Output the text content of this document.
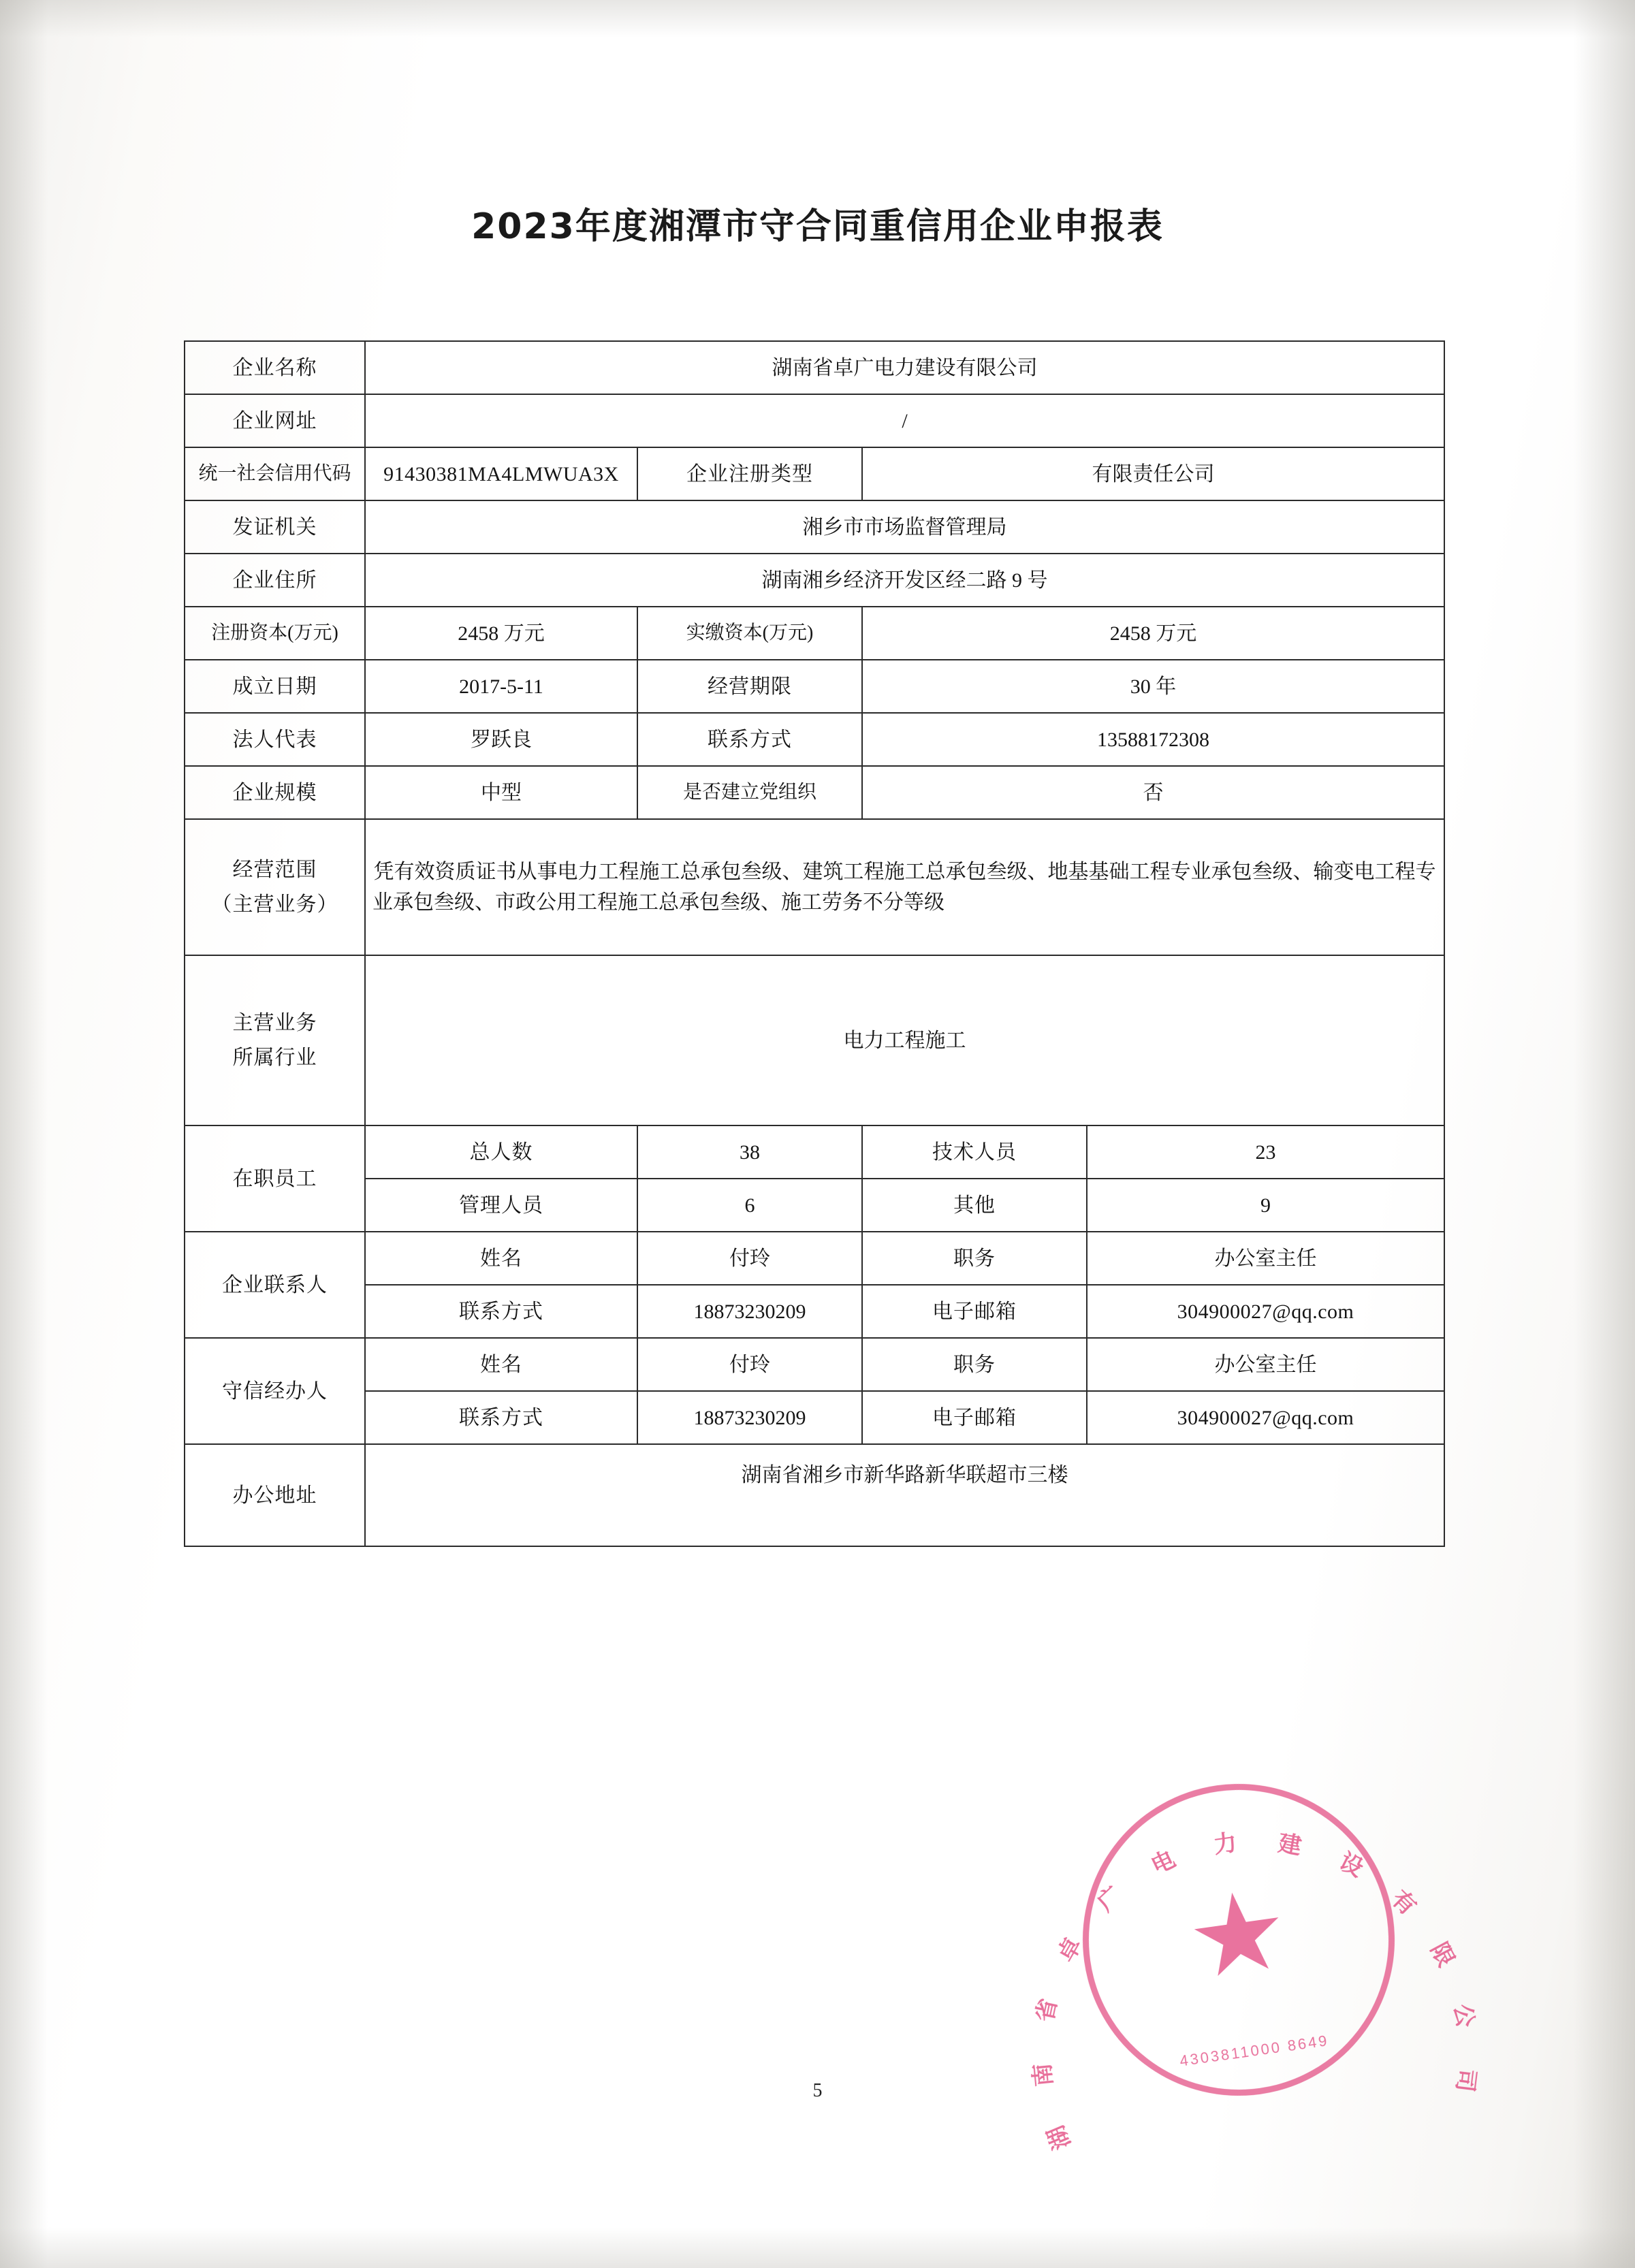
2023年度湘潭市守合同重信用企业申报表
企业名称	湖南省卓广电力建设有限公司			
企业网址	/			
统一社会信用代码	91430381MA4LMWUA3X	企业注册类型	有限责任公司	
发证机关	湘乡市市场监督管理局			
企业住所	湖南湘乡经济开发区经二路 9 号			
注册资本(万元)	2458 万元	实缴资本(万元)	2458 万元	
成立日期	2017-5-11	经营期限	30 年	
法人代表	罗跃良	联系方式	13588172308	
企业规模	中型	是否建立党组织	否	

经营范围
（主营业务）	凭有效资质证书从事电力工程施工总承包叁级、建筑工程施工总承包叁级、地基基础工程专业承包叁级、输变电工程专业承包叁级、市政公用工程施工总承包叁级、施工劳务不分等级			

主营业务
所属行业	电力工程施工			
在职员工	总人数	38	技术人员	23
	管理人员	6	其他	9
企业联系人	姓名	付玲	职务	办公室主任
	联系方式	18873230209	电子邮箱	304900027@qq.com
守信经办人	姓名	付玲	职务	办公室主任
	联系方式	18873230209	电子邮箱	304900027@qq.com
办公地址	湖南省湘乡市新华路新华联超市三楼			
湖
南
省
卓
广
电
力 建
设
有
限
公
司
4303811000 8649
5
